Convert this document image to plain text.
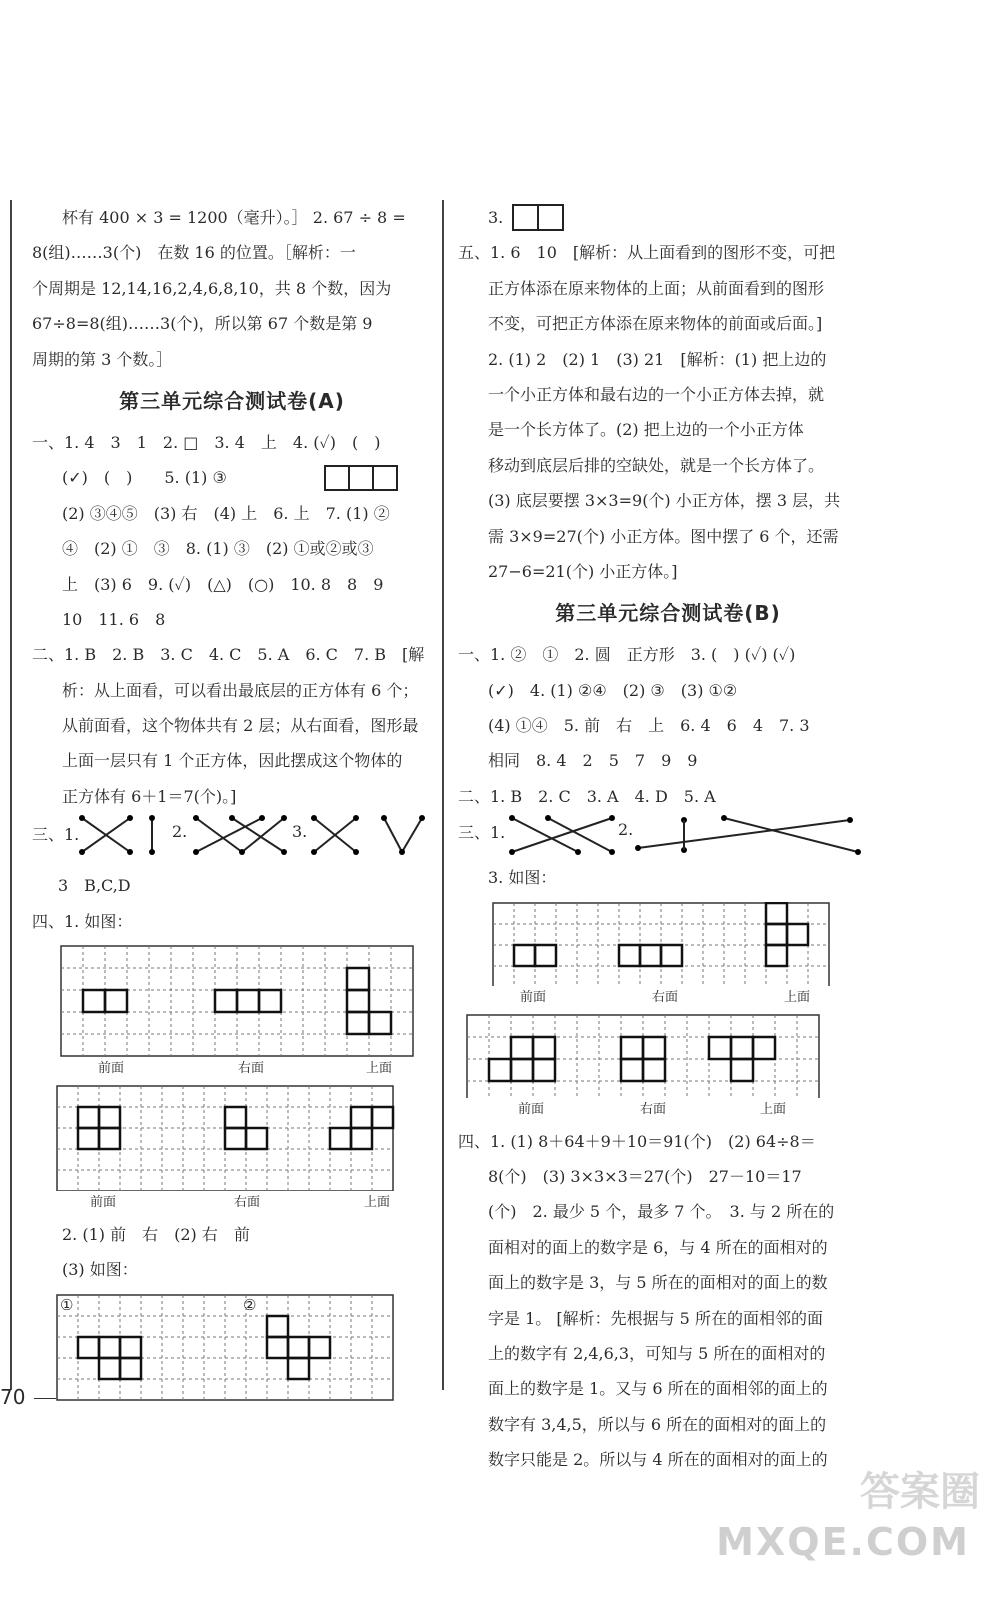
杯有 400 × 3 = 1200（毫升）。］ 2. 67 ÷ 8 =
8(组)……3(个)　在数 16 的位置。［解析：一
个周期是 12,14,16,2,4,6,8,10，共 8 个数，因为
67÷8=8(组)……3(个)，所以第 67 个数是第 9
周期的第 3 个数。］
第三单元综合测试卷(A)
一、1. 4　3　1　2. □　3. 4　上　4. (✓)　(　)
(✓)　(　)　　5. (1) ③
(2) ③④⑤　(3) 右　(4) 上　6. 上　7. (1) ②
④　(2) ①　③　8. (1) ③　(2) ①或②或③
上　(3) 6　9. (✓)　(△)　(○)　10. 8　8　9
10　11. 6　8
二、1. B　2. B　3. C　4. C　5. A　6. C　7. B　[解
析：从上面看，可以看出最底层的正方体有 6 个；
从前面看，这个物体共有 2 层；从右面看，图形最
上面一层只有 1 个正方体，因此摆成这个物体的
正方体有 6＋1＝7(个)。]
三、1.	2.	3.
3　B,C,D
四、1. 如图：
前面	右面	上面
前面	右面	上面
2. (1) 前　右　(2) 右　前
(3) 如图：
①	②
3.
五、1. 6　10　[解析：从上面看到的图形不变，可把
正方体添在原来物体的上面；从前面看到的图形
不变，可把正方体添在原来物体的前面或后面。]
2. (1) 2　(2) 1　(3) 21　[解析：(1) 把上边的
一个小正方体和最右边的一个小正方体去掉，就
是一个长方体了。(2) 把上边的一个小正方体
移动到底层后排的空缺处，就是一个长方体了。
(3) 底层要摆 3×3=9(个) 小正方体，摆 3 层，共
需 3×9=27(个) 小正方体。图中摆了 6 个，还需
27−6=21(个) 小正方体。]
第三单元综合测试卷(B)
一、1. ②　①　2. 圆　正方形　3. (　) (✓) (✓)
(✓)　4. (1) ②④　(2) ③　(3) ①②
(4) ①④　5. 前　右　上　6. 4　6　4　7. 3
相同　8. 4　2　5　7　9　9
二、1. B　2. C　3. A　4. D　5. A
三、1.	2.
3. 如图：
前面	右面	上面
前面	右面	上面
四、1. (1) 8＋64＋9＋10＝91(个)　(2) 64÷8＝
8(个)　(3) 3×3×3＝27(个)　27－10＝17
(个)　2. 最少 5 个，最多 7 个。　3. 与 2 所在的
面相对的面上的数字是 6，与 4 所在的面相对的
面上的数字是 3，与 5 所在的面相对的面上的数
字是 1。 [解析：先根据与 5 所在的面相邻的面
上的数字有 2,4,6,3，可知与 5 所在的面相对的
面上的数字是 1。又与 6 所在的面相邻的面上的
数字有 3,4,5，所以与 6 所在的面相对的面上的
数字只能是 2。所以与 4 所在的面相对的面上的
70
答案圈
MXQE.COM
